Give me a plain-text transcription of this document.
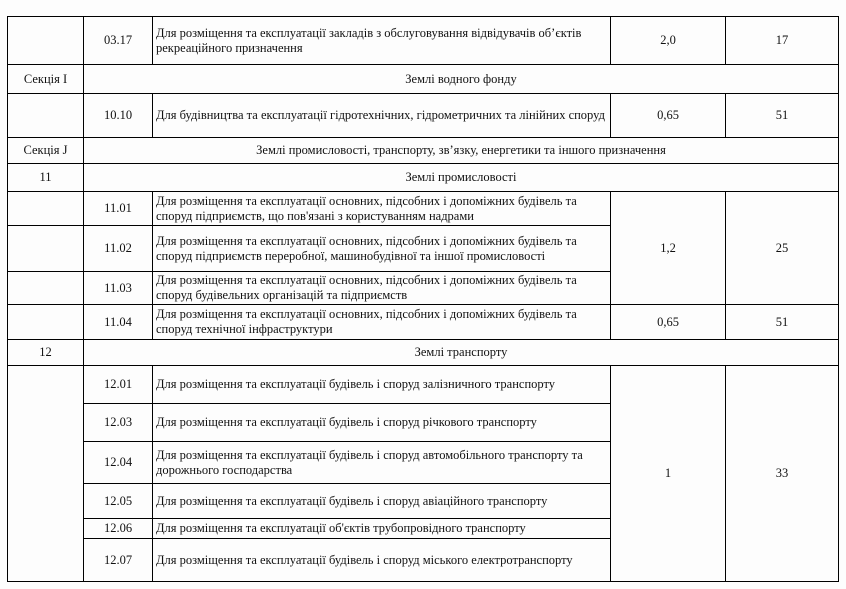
	03.17	Для розміщення та експлуатації закладів з обслуговування відвідувачів об’єктів рекреаційного призначення	2,0	17
Секція I	Землі водного фонду			
	10.10	Для будівництва та експлуатації гідротехнічних, гідрометричних та лінійних споруд	0,65	51
Секція J	Землі промисловості, транспорту, зв’язку, енергетики та іншого призначення			
11	Землі промисловості			
	11.01	Для розміщення та експлуатації основних, підсобних і допоміжних будівель та споруд підприємств, що пов'язані з користуванням надрами	1,2	25
	11.02	Для розміщення та експлуатації основних, підсобних і допоміжних будівель та споруд підприємств переробної, машинобудівної та іншої промисловості		
	11.03	Для розміщення та експлуатації основних, підсобних і допоміжних будівель та споруд будівельних організацій та підприємств		
	11.04	Для розміщення та експлуатації основних, підсобних і допоміжних будівель та споруд технічної інфраструктури	0,65	51
12	Землі транспорту			
	12.01	Для розміщення та експлуатації будівель і споруд залізничного транспорту	1	33
	12.03	Для розміщення та експлуатації будівель і споруд річкового транспорту		
	12.04	Для розміщення та експлуатації будівель і споруд автомобільного транспорту та дорожнього господарства		
	12.05	Для розміщення та експлуатації будівель і споруд авіаційного транспорту		
	12.06	Для розміщення та експлуатації об'єктів трубопровідного транспорту		
	12.07	Для розміщення та експлуатації будівель і споруд міського електротранспорту		
